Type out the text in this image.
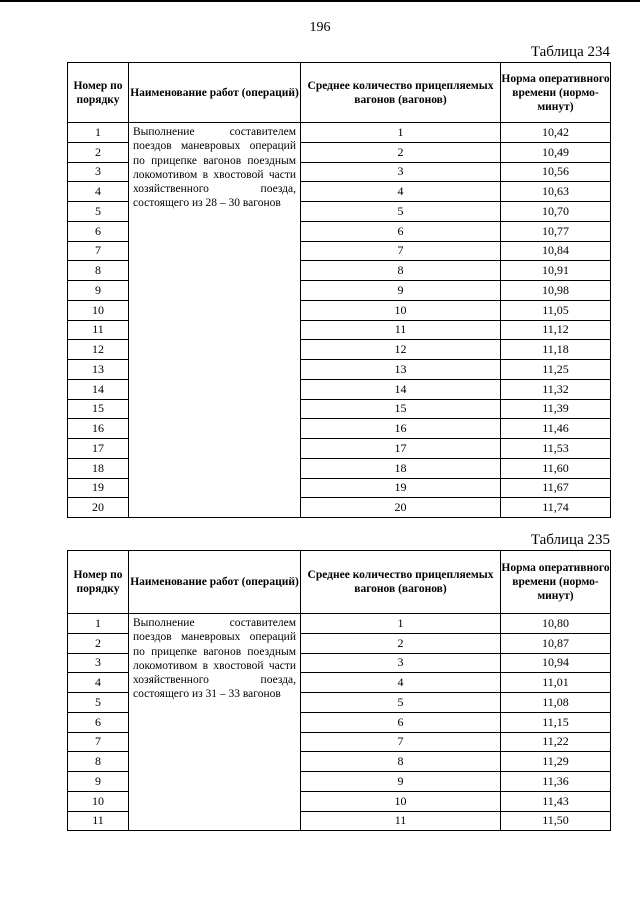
196
Таблица 234
Номер по порядку	Наименование работ (операций)	Среднее количество прицепляемых вагонов (вагонов)	Норма оперативного времени (нормо-минут)
1	Выполнение составителем поездов маневровых операций по прицепке вагонов поездным локомотивом в хвостовой части хозяйственного поезда, состоящего из 28 – 30 вагонов	1	10,42
2		2	10,49
3		3	10,56
4		4	10,63
5		5	10,70
6		6	10,77
7		7	10,84
8		8	10,91
9		9	10,98
10		10	11,05
11		11	11,12
12		12	11,18
13		13	11,25
14		14	11,32
15		15	11,39
16		16	11,46
17		17	11,53
18		18	11,60
19		19	11,67
20		20	11,74
Таблица 235
Номер по порядку	Наименование работ (операций)	Среднее количество прицепляемых вагонов (вагонов)	Норма оперативного времени (нормо-минут)
1	Выполнение составителем поездов маневровых операций по прицепке вагонов поездным локомотивом в хвостовой части хозяйственного поезда, состоящего из 31 – 33 вагонов	1	10,80
2		2	10,87
3		3	10,94
4		4	11,01
5		5	11,08
6		6	11,15
7		7	11,22
8		8	11,29
9		9	11,36
10		10	11,43
11		11	11,50
